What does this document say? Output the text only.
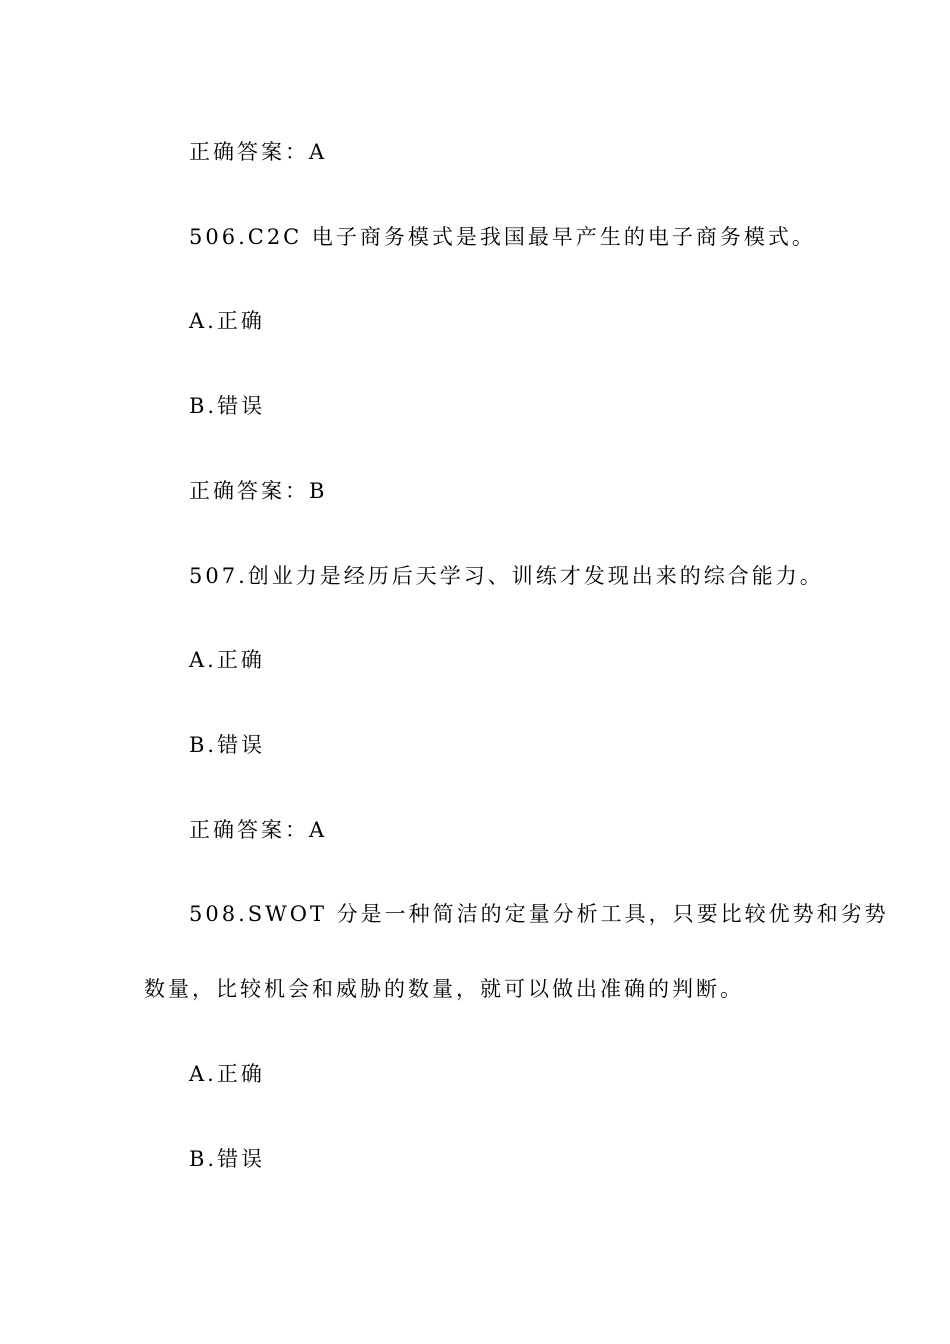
正确答案：A
506.C2C 电子商务模式是我国最早产生的电子商务模式。
A.正确
B.错误
正确答案：B
507.创业力是经历后天学习、训练才发现出来的综合能力。
A.正确
B.错误
正确答案：A
508.SWOT 分是一种简洁的定量分析工具，只要比较优势和劣势
数量，比较机会和威胁的数量，就可以做出准确的判断。
A.正确
B.错误
